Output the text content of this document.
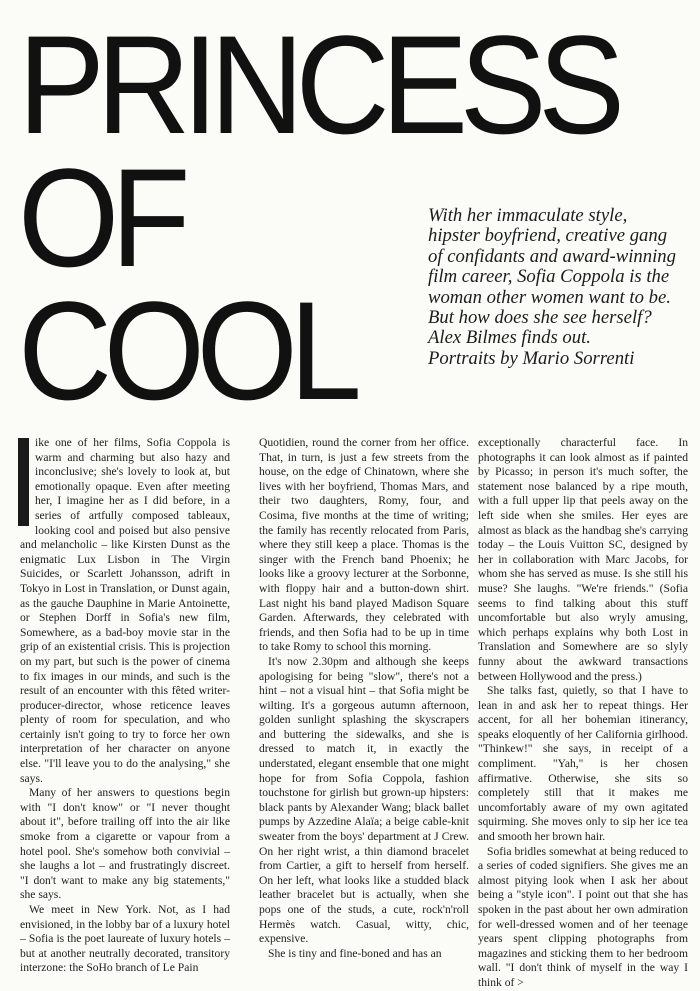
PRINCESS
OF
COOL

With her immaculate style,
hipster boyfriend, creative gang
of confidants and award-winning
film career, Sofia Coppola is the
woman other women want to be.
But how does she see herself?
Alex Bilmes finds out.
Portraits by Mario Sorrenti

ike one of her films, Sofia Coppola is warm and charming but also hazy and inconclusive; she's lovely to look at, but emotionally opaque. Even after meeting her, I imagine her as I did before, in a series of artfully composed tableaux, looking cool and poised but also pensive and melancholic – like Kirsten Dunst as the enigmatic Lux Lisbon in The Virgin Suicides, or Scarlett Johansson, adrift in Tokyo in Lost in Translation, or Dunst again, as the gauche Dauphine in Marie Antoinette, or Stephen Dorff in Sofia's new film, Somewhere, as a bad-boy movie star in the grip of an existential crisis. This is projection on my part, but such is the power of cinema to fix images in our minds, and such is the result of an encounter with this fêted writer-producer-director, whose reticence leaves plenty of room for speculation, and who certainly isn't going to try to force her own interpretation of her character on anyone else. "I'll leave you to do the analysing," she says.

Many of her answers to questions begin with "I don't know" or "I never thought about it", before trailing off into the air like smoke from a cigarette or vapour from a hotel pool. She's somehow both convivial – she laughs a lot – and frustratingly discreet. "I don't want to make any big statements," she says.

We meet in New York. Not, as I had envisioned, in the lobby bar of a luxury hotel – Sofia is the poet laureate of luxury hotels – but at another neutrally decorated, transitory interzone: the SoHo branch of Le Pain

Quotidien, round the corner from her office. That, in turn, is just a few streets from the house, on the edge of Chinatown, where she lives with her boyfriend, Thomas Mars, and their two daughters, Romy, four, and Cosima, five months at the time of writing; the family has recently relocated from Paris, where they still keep a place. Thomas is the singer with the French band Phoenix; he looks like a groovy lecturer at the Sorbonne, with floppy hair and a button-down shirt. Last night his band played Madison Square Garden. Afterwards, they celebrated with friends, and then Sofia had to be up in time to take Romy to school this morning.

It's now 2.30pm and although she keeps apologising for being "slow", there's not a hint – not a visual hint – that Sofia might be wilting. It's a gorgeous autumn afternoon, golden sunlight splashing the skyscrapers and buttering the sidewalks, and she is dressed to match it, in exactly the understated, elegant ensemble that one might hope for from Sofia Coppola, fashion touchstone for girlish but grown-up hipsters: black pants by Alexander Wang; black ballet pumps by Azzedine Alaïa; a beige cable-knit sweater from the boys' department at J Crew. On her right wrist, a thin diamond bracelet from Cartier, a gift to herself from herself. On her left, what looks like a studded black leather bracelet but is actually, when she pops one of the studs, a cute, rock'n'roll Hermès watch. Casual, witty, chic, expensive.

She is tiny and fine-boned and has an

exceptionally characterful face. In photographs it can look almost as if painted by Picasso; in person it's much softer, the statement nose balanced by a ripe mouth, with a full upper lip that peels away on the left side when she smiles. Her eyes are almost as black as the handbag she's carrying today – the Louis Vuitton SC, designed by her in collaboration with Marc Jacobs, for whom she has served as muse. Is she still his muse? She laughs. "We're friends." (Sofia seems to find talking about this stuff uncomfortable but also wryly amusing, which perhaps explains why both Lost in Translation and Somewhere are so slyly funny about the awkward transactions between Hollywood and the press.)

She talks fast, quietly, so that I have to lean in and ask her to repeat things. Her accent, for all her bohemian itinerancy, speaks eloquently of her California girlhood. "Thinkew!" she says, in receipt of a compliment. "Yah," is her chosen affirmative. Otherwise, she sits so completely still that it makes me uncomfortably aware of my own agitated squirming. She moves only to sip her ice tea and smooth her brown hair.

Sofia bridles somewhat at being reduced to a series of coded signifiers. She gives me an almost pitying look when I ask her about being a "style icon". I point out that she has spoken in the past about her own admiration for well-dressed women and of her teenage years spent clipping photographs from magazines and sticking them to her bedroom wall. "I don't think of myself in the way I think of >
